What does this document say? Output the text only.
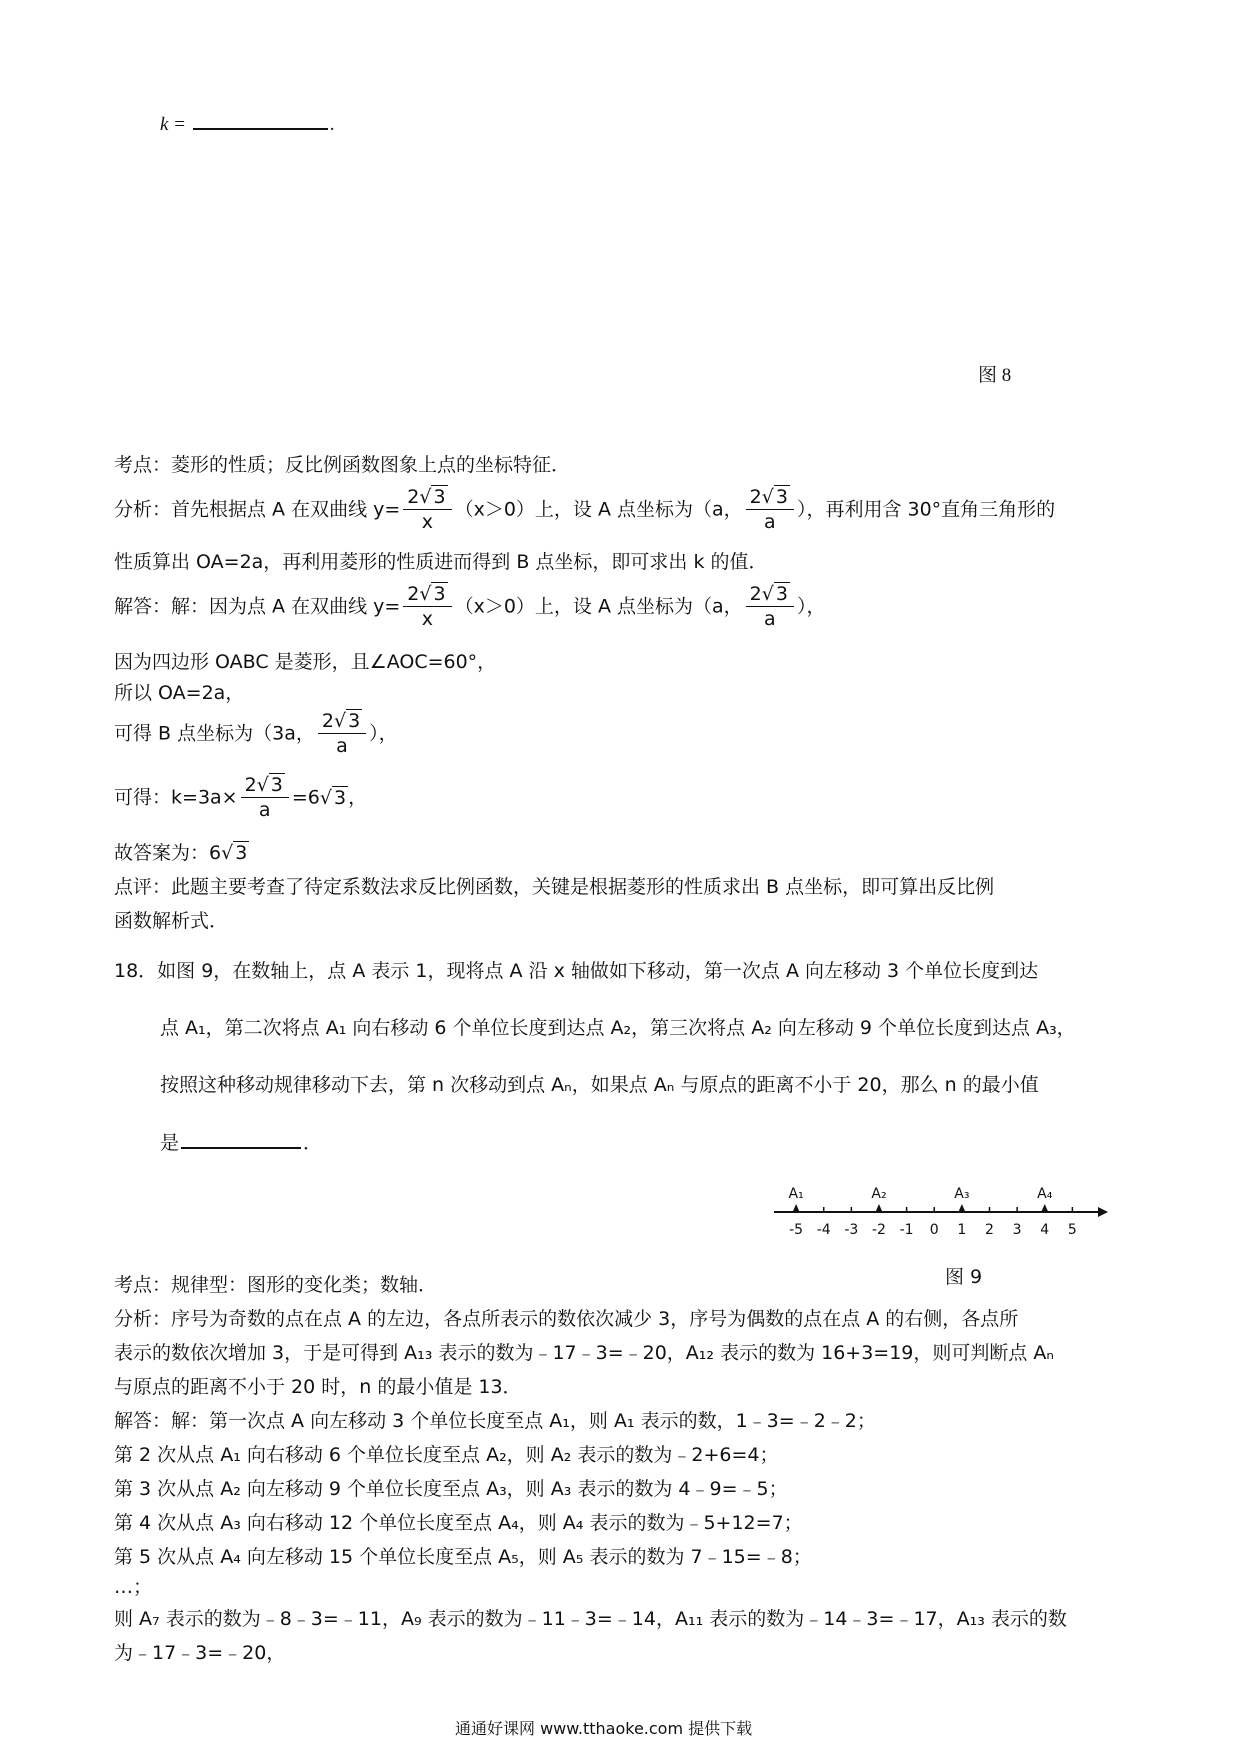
k =	.
图 8
考点：菱形的性质；反比例函数图象上点的坐标特征．
分析：首先根据点 A 在双曲线 $y= \frac{2√ 3}{x} (x>0)$上，设 A 点坐标为（a， $\frac{2√ 3}{a}$ ），再利用含 30°直角三角形的
性质算出 OA=2a，再利用菱形的性质进而得到 B 点坐标，即可求出 k 的值．
解答：解：因为点 A 在双曲线 $y= \frac{2√ 3}{x} (x>0)$上，设 A 点坐标为（a， $\frac{2√ 3}{a}$ ），
因为四边形 OABC 是菱形，且∠AOC=60°，
所以 OA=2a，
可得 B 点坐标为（3a， $\frac{2√ 3}{a}$ ），
可得：$k=3a\times \frac{2√ 3}{a} =6√$ 3 ，
故答案为：6√ 3
点评：此题主要考查了待定系数法求反比例函数，关键是根据菱形的性质求出 B 点坐标，即可算出反比例
函数解析式．
18．如图 9，在数轴上，点 A 表示 1，现将点 A 沿 x 轴做如下移动，第一次点 A 向左移动 3 个单位长度到达
点 A₁，第二次将点 A₁ 向右移动 6 个单位长度到达点 A₂，第三次将点 A₂ 向左移动 9 个单位长度到达点 A₃，
按照这种移动规律移动下去，第 n 次移动到点 Aₙ，如果点 Aₙ 与原点的距离不小于 20，那么 n 的最小值
是	．
-5 -4 -3 -2 -1 0 1 2 3 4 5
A₁	A₂	A₃	A₄
图 9
考点：规律型：图形的变化类；数轴．
分析：序号为奇数的点在点 A 的左边，各点所表示的数依次减少 3，序号为偶数的点在点 A 的右侧，各点所
表示的数依次增加 3，于是可得到 A₁₃ 表示的数为﹣17﹣3=﹣20，A₁₂ 表示的数为 16+3=19，则可判断点 Aₙ
与原点的距离不小于 20 时，n 的最小值是 13．
解答：解：第一次点 A 向左移动 3 个单位长度至点 A₁，则 A₁ 表示的数，1﹣3=﹣2﹣2；
第 2 次从点 A₁ 向右移动 6 个单位长度至点 A₂，则 A₂ 表示的数为﹣2+6=4；
第 3 次从点 A₂ 向左移动 9 个单位长度至点 A₃，则 A₃ 表示的数为 4﹣9=﹣5；
第 4 次从点 A₃ 向右移动 12 个单位长度至点 A₄，则 A₄ 表示的数为﹣5+12=7；
第 5 次从点 A₄ 向左移动 15 个单位长度至点 A₅，则 A₅ 表示的数为 7﹣15=﹣8；
…；
则 A₇ 表示的数为﹣8﹣3=﹣11，A₉ 表示的数为﹣11﹣3=﹣14，A₁₁ 表示的数为﹣14﹣3=﹣17，A₁₃ 表示的数
为﹣17﹣3=﹣20，
通通好课网 www.tthaoke.com 提供下载
